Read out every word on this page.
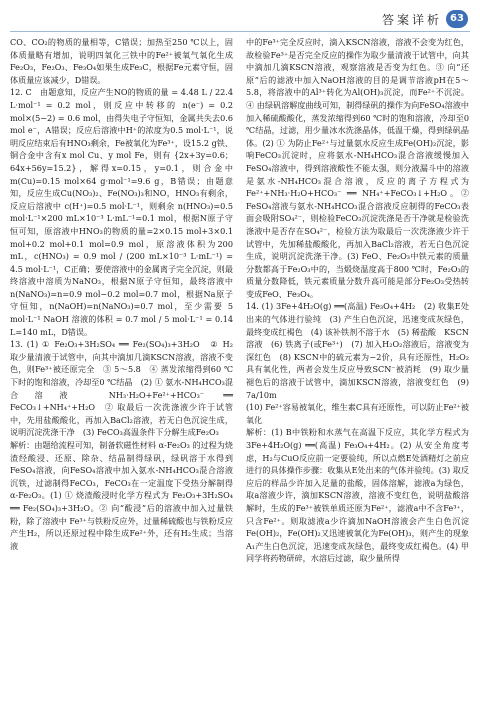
答案详析 63

CO、CO₂的物质的量相等，C错误；加热至250 ℃以上，固体质量略有增加，说明四氧化三铁中的Fe²⁺被氧气氧化生成Fe₂O₃，Fe₂O₃、Fe₃O₄如果生成Fe₃C，根据Fe元素守恒，固体质量应该减少，D错误。

12. C　由题意知，反应产生NO的物质的量 = 4.48 L / 22.4 L·mol⁻¹ = 0.2 mol，则反应中转移的 n(e⁻) = 0.2 mol×(5−2) = 0.6 mol，由得失电子守恒知，金属共失去0.6 mol e⁻，A错误；反应后溶液中H⁺的浓度为0.5 mol·L⁻¹，说明反应结束后有HNO₃剩余，Fe被氧化为Fe³⁺，设15.2 g铁、铜合金中含有x mol Cu、y mol Fe，则有 {2x+3y=0.6；64x+56y=15.2}，解得x=0.15，y=0.1，则合金中 m(Cu)=0.15 mol×64 g·mol⁻¹=9.6 g，B错误；由题意知，反应生成Cu(NO₃)₂、Fe(NO₃)₃和NO，HNO₃有剩余，反应后溶液中 c(H⁺)=0.5 mol·L⁻¹，则剩余 n(HNO₃)=0.5 mol·L⁻¹×200 mL×10⁻³ L·mL⁻¹=0.1 mol，根据N原子守恒可知，原溶液中HNO₃的物质的量=2×0.15 mol+3×0.1 mol+0.2 mol+0.1 mol=0.9 mol，原溶液体积为200 mL，c(HNO₃) = 0.9 mol / (200 mL×10⁻³ L·mL⁻¹) = 4.5 mol·L⁻¹，C正确；要使溶液中的金属离子完全沉淀，则最终溶液中溶质为NaNO₃，根据N原子守恒知，最终溶液中 n(NaNO₃)=n=0.9 mol−0.2 mol=0.7 mol，根据Na原子守恒知，n(NaOH)=n(NaNO₃)=0.7 mol，至少需要 5 mol·L⁻¹ NaOH 溶液的体积 = 0.7 mol / 5 mol·L⁻¹ = 0.14 L=140 mL，D错误。

13. (1) ① Fe₂O₃+3H₂SO₄ ══ Fe₂(SO₄)₃+3H₂O　② H₂　取少量清液于试管中，向其中滴加几滴KSCN溶液，溶液不变色，则Fe³⁺被还原完全　③ 5～5.8　④ 蒸发浓缩得到60 ℃下时的饱和溶液，冷却至0 ℃结晶　(2) ① 氨水-NH₄HCO₃混合溶液　NH₃·H₂O+Fe²⁺+HCO₃⁻ ══ FeCO₃↓+NH₄⁺+H₂O　② 取最后一次洗涤液少许于试管中，先用盐酸酸化，再加入BaCl₂溶液，若无白色沉淀生成，说明沉淀洗涤干净　(3) FeCO₃高温条件下分解生成Fe₂O₃

解析：由题给流程可知，制备软磁性材料 α-Fe₂O₃ 的过程为烧渣经酸浸、还原、除杂、结晶制得绿矾，绿矾溶于水得到FeSO₄溶液，向FeSO₄溶液中加入氨水-NH₄HCO₃混合溶液沉铁，过滤制得FeCO₃，FeCO₃在一定温度下受热分解制得 α-Fe₂O₃。(1) ① 烧渣酸浸时化学方程式为 Fe₂O₃+3H₂SO₄ ══ Fe₂(SO₄)₃+3H₂O。② 向“酸浸”后的溶液中加入过量铁粉，除了溶液中 Fe³⁺与铁粉反应外，过量稀硫酸也与铁粉反应产生H₂，所以还原过程中除生成Fe²⁺外，还有H₂生成；当溶液

中的Fe³⁺完全反应时，滴入KSCN溶液，溶液不会变为红色，故检验Fe³⁺是否完全反应的操作为取少量清液于试管中，向其中滴加几滴KSCN溶液，观察溶液是否变为红色。③ 向“还原”后的滤液中加入NaOH溶液的目的是调节溶液pH在5～5.8，将溶液中的Al³⁺转化为Al(OH)₃沉淀，而Fe²⁺不沉淀。④ 由绿矾溶解度曲线可知，制得绿矾的操作为向FeSO₄溶液中加入稀硫酸酸化，蒸发浓缩得到60 ℃时的饱和溶液，冷却至0 ℃结晶，过滤，用少量冰水洗涤晶体，低温干燥，得到绿矾晶体。(2) ① 为防止Fe²⁺与过量氨水反应生成Fe(OH)₂沉淀，影响FeCO₃沉淀时，应将氨水-NH₄HCO₃混合溶液缓慢加入FeSO₄溶液中，得到溶液酸性不能太强，则分液漏斗中的溶液是氨水-NH₄HCO₃混合溶液，反应的离子方程式为 Fe²⁺+NH₃·H₂O+HCO₃⁻ ══ NH₄⁺+FeCO₃↓+H₂O。② FeSO₄溶液与氨水-NH₄HCO₃混合溶液反应制得的FeCO₃表面会吸附SO₄²⁻，则检验FeCO₃沉淀洗涤是否干净就是检验洗涤液中是否存在SO₄²⁻，检验方法为取最后一次洗涤液少许于试管中，先加稀盐酸酸化，再加入BaCl₂溶液，若无白色沉淀生成，说明沉淀洗涤干净。(3) FeO、Fe₂O₃中铁元素的质量分数都高于Fe₂O₃中的，当煅烧温度高于800 ℃时，Fe₂O₃的质量分数降低，铁元素质量分数升高可能是部分Fe₂O₃受热转变成FeO、Fe₃O₄。

14. (1) 3Fe+4H₂O(g) ══(高温) Fe₃O₄+4H₂　(2) 收集E处出来的气体进行验纯　(3) 产生白色沉淀，迅速变成灰绿色，最终变成红褐色　(4) 该补铁剂不溶于水　(5) 稀盐酸　KSCN溶液　(6) 铁离子(或Fe³⁺)　(7) 加入H₂O₂溶液后，溶液变为深红色　(8) KSCN中的硫元素为−2价，具有还原性，H₂O₂具有氧化性，两者会发生反应导致SCN⁻被消耗　(9) 取少量褪色后的溶液于试管中，滴加KSCN溶液，溶液变红色　(9) 7a/10m

(10) Fe²⁺容易被氧化，维生素C具有还原性，可以防止Fe²⁺被氧化

解析：(1) B中铁粉和水蒸气在高温下反应，其化学方程式为 3Fe+4H₂O(g) ══(高温) Fe₃O₄+4H₂。(2) 从安全角度考虑，H₂与CuO反应前一定要验纯，所以点燃E处酒精灯之前应进行的具体操作步骤：收集从E处出来的气体并验纯。(3) 取反应后的样品少许加入足量的盐酸，固体溶解，滤液a为绿色，取a溶液少许，滴加KSCN溶液，溶液不变红色，说明盐酸溶解时，生成的Fe³⁺被铁单质还原为Fe²⁺，滤液a中不含Fe³⁺，只含Fe²⁺。则取滤液a少许滴加NaOH溶液会产生白色沉淀Fe(OH)₂，Fe(OH)₂又迅速被氧化为Fe(OH)₃，则产生的现象A₁产生白色沉淀，迅速变成灰绿色，最终变成红褐色。(4) 甲同学将药物研碎，水溶后过滤，取少量所得
